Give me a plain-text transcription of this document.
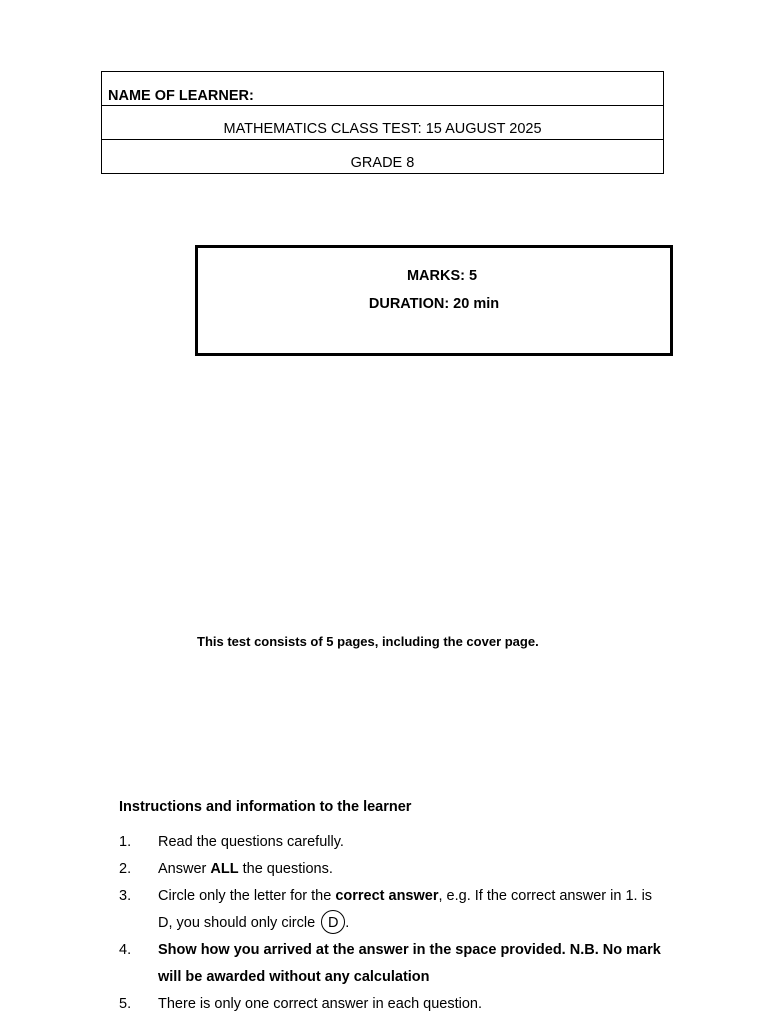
NAME OF LEARNER:
MATHEMATICS CLASS TEST: 15 AUGUST 2025
GRADE 8
MARKS: 5
DURATION: 20 min
This test consists of 5 pages, including the cover page.
Instructions and information to the learner
1.	Read the questions carefully.
2.	Answer ALL the questions.
3.	Circle only the letter for the correct answer, e.g. If the correct answer in 1. is D, you should only circle D .
4.	Show how you arrived at the answer in the space provided. N.B. No mark will be awarded without any calculation
5.	There is only one correct answer in each question.
